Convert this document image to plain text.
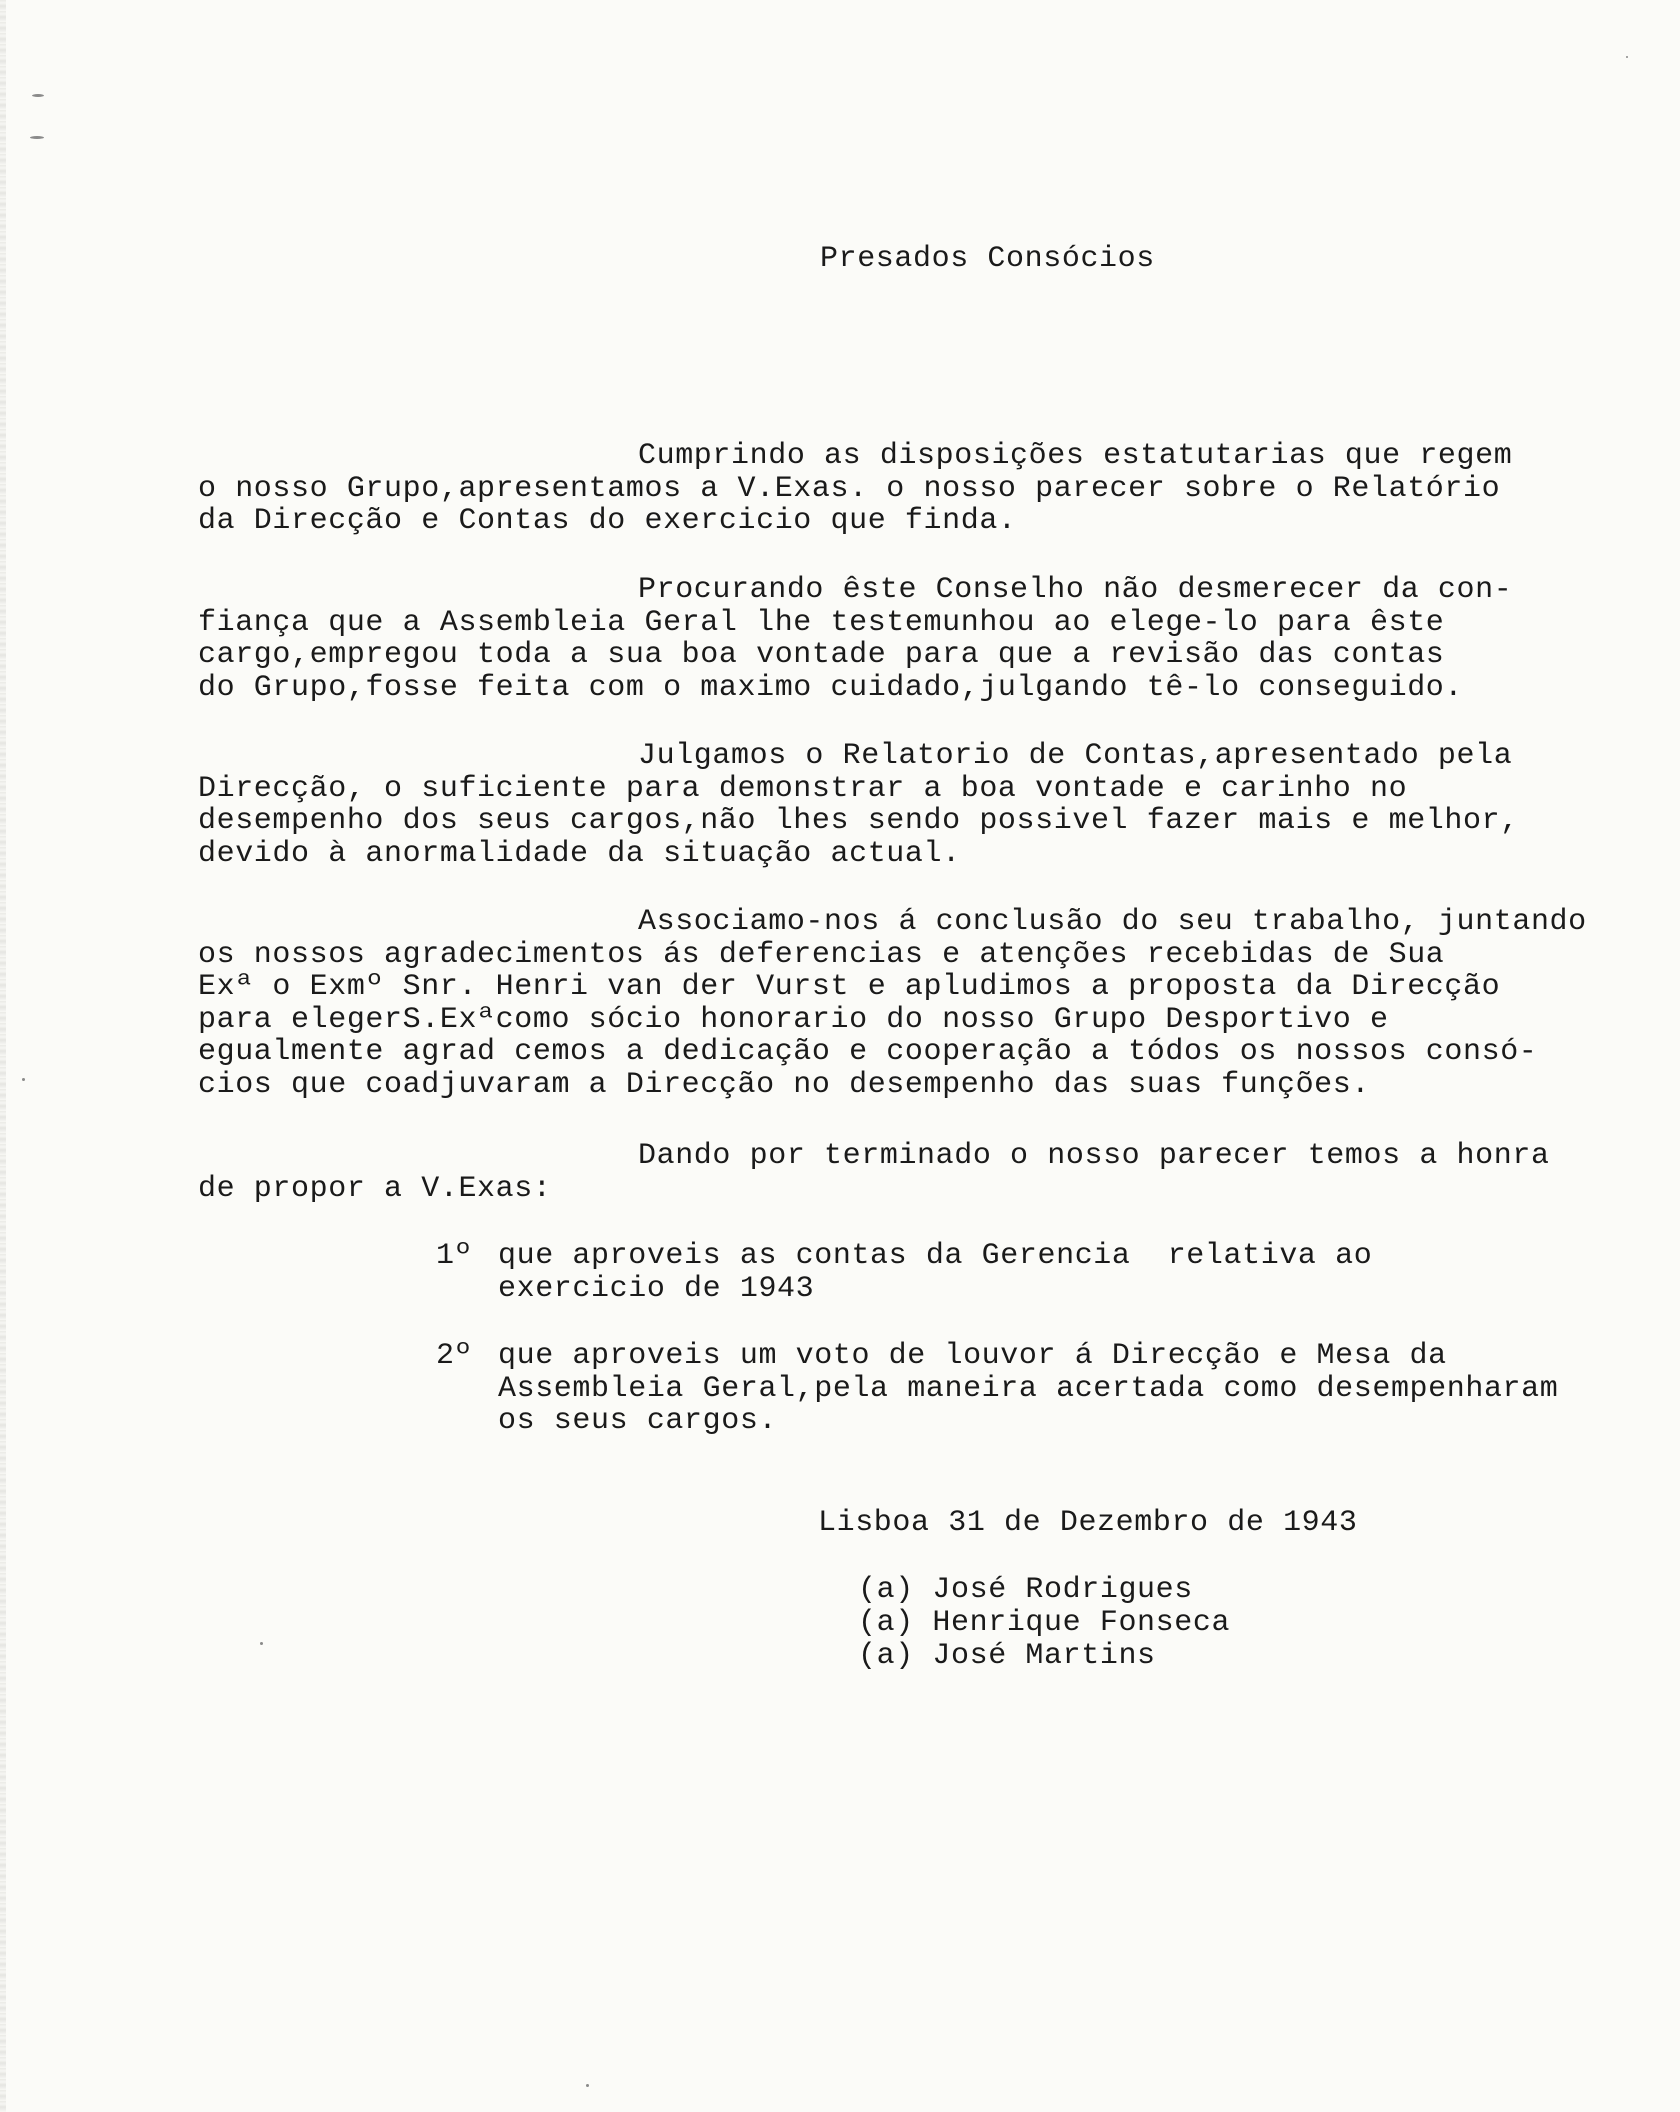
Presados Consócios
Cumprindo as disposições estatutarias que regem
o nosso Grupo,apresentamos a V.Exas. o nosso parecer sobre o Relatório
da Direcção e Contas do exercicio que finda.
Procurando êste Conselho não desmerecer da con-
fiança que a Assembleia Geral lhe testemunhou ao elege-lo para êste
cargo,empregou toda a sua boa vontade para que a revisão das contas
do Grupo,fosse feita com o maximo cuidado,julgando tê-lo conseguido.
Julgamos o Relatorio de Contas,apresentado pela
Direcção, o suficiente para demonstrar a boa vontade e carinho no
desempenho dos seus cargos,não lhes sendo possivel fazer mais e melhor,
devido à anormalidade da situação actual.
Associamo-nos á conclusão do seu trabalho, juntando
os nossos agradecimentos ás deferencias e atenções recebidas de Sua
Exª o Exmº Snr. Henri van der Vurst e apludimos a proposta da Direcção
para elegerS.Exªcomo sócio honorario do nosso Grupo Desportivo e
egualmente agrad cemos a dedicação e cooperação a tódos os nossos consó-
cios que coadjuvaram a Direcção no desempenho das suas funções.
Dando por terminado o nosso parecer temos a honra
de propor a V.Exas:
1º que aproveis as contas da Gerencia  relativa ao
exercicio de 1943
2º que aproveis um voto de louvor á Direcção e Mesa da
Assembleia Geral,pela maneira acertada como desempenharam
os seus cargos.
Lisboa 31 de Dezembro de 1943
(a) José Rodrigues
(a) Henrique Fonseca
(a) José Martins
